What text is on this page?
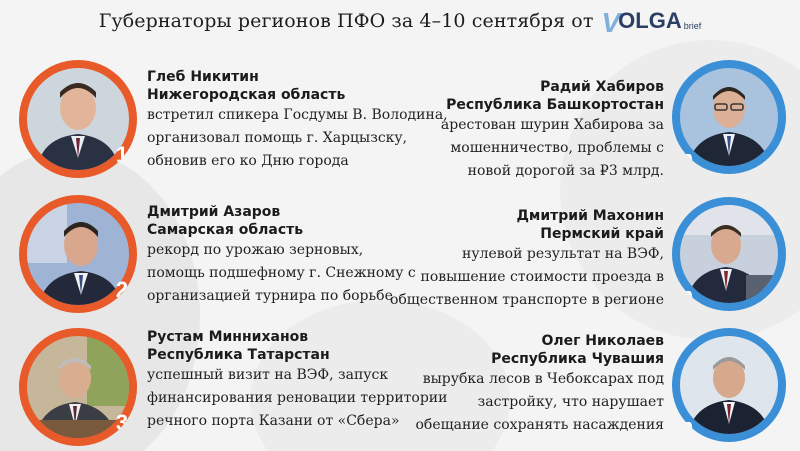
Губернаторы регионов ПФО за 4–10 сентября от V
OLGA brief
1
Глеб Никитин
Нижегородская область
встретил спикера Госдумы В. Володина,
организовал помощь г. Харцызску,
обновив его ко Дню города
2
Дмитрий Азаров
Самарская область
рекорд по урожаю зерновых,
помощь подшефному г. Снежному с
организацией турнира по борьбе
3
Рустам Минниханов
Республика Татарстан
успешный визит на ВЭФ, запуск
финансирования реновации территории
речного порта Казани от «Сбера»
Радий Хабиров
Республика Башкортостан
арестован шурин Хабирова за
мошенничество, проблемы с
новой дорогой за ₽3 млрд.
Дмитрий Махонин
Пермский край
нулевой результат на ВЭФ,
повышение стоимости проезда в
общественном транспорте в регионе
Олег Николаев
Республика Чувашия
вырубка лесов в Чебоксарах под
застройку, что нарушает
обещание сохранять насаждения
